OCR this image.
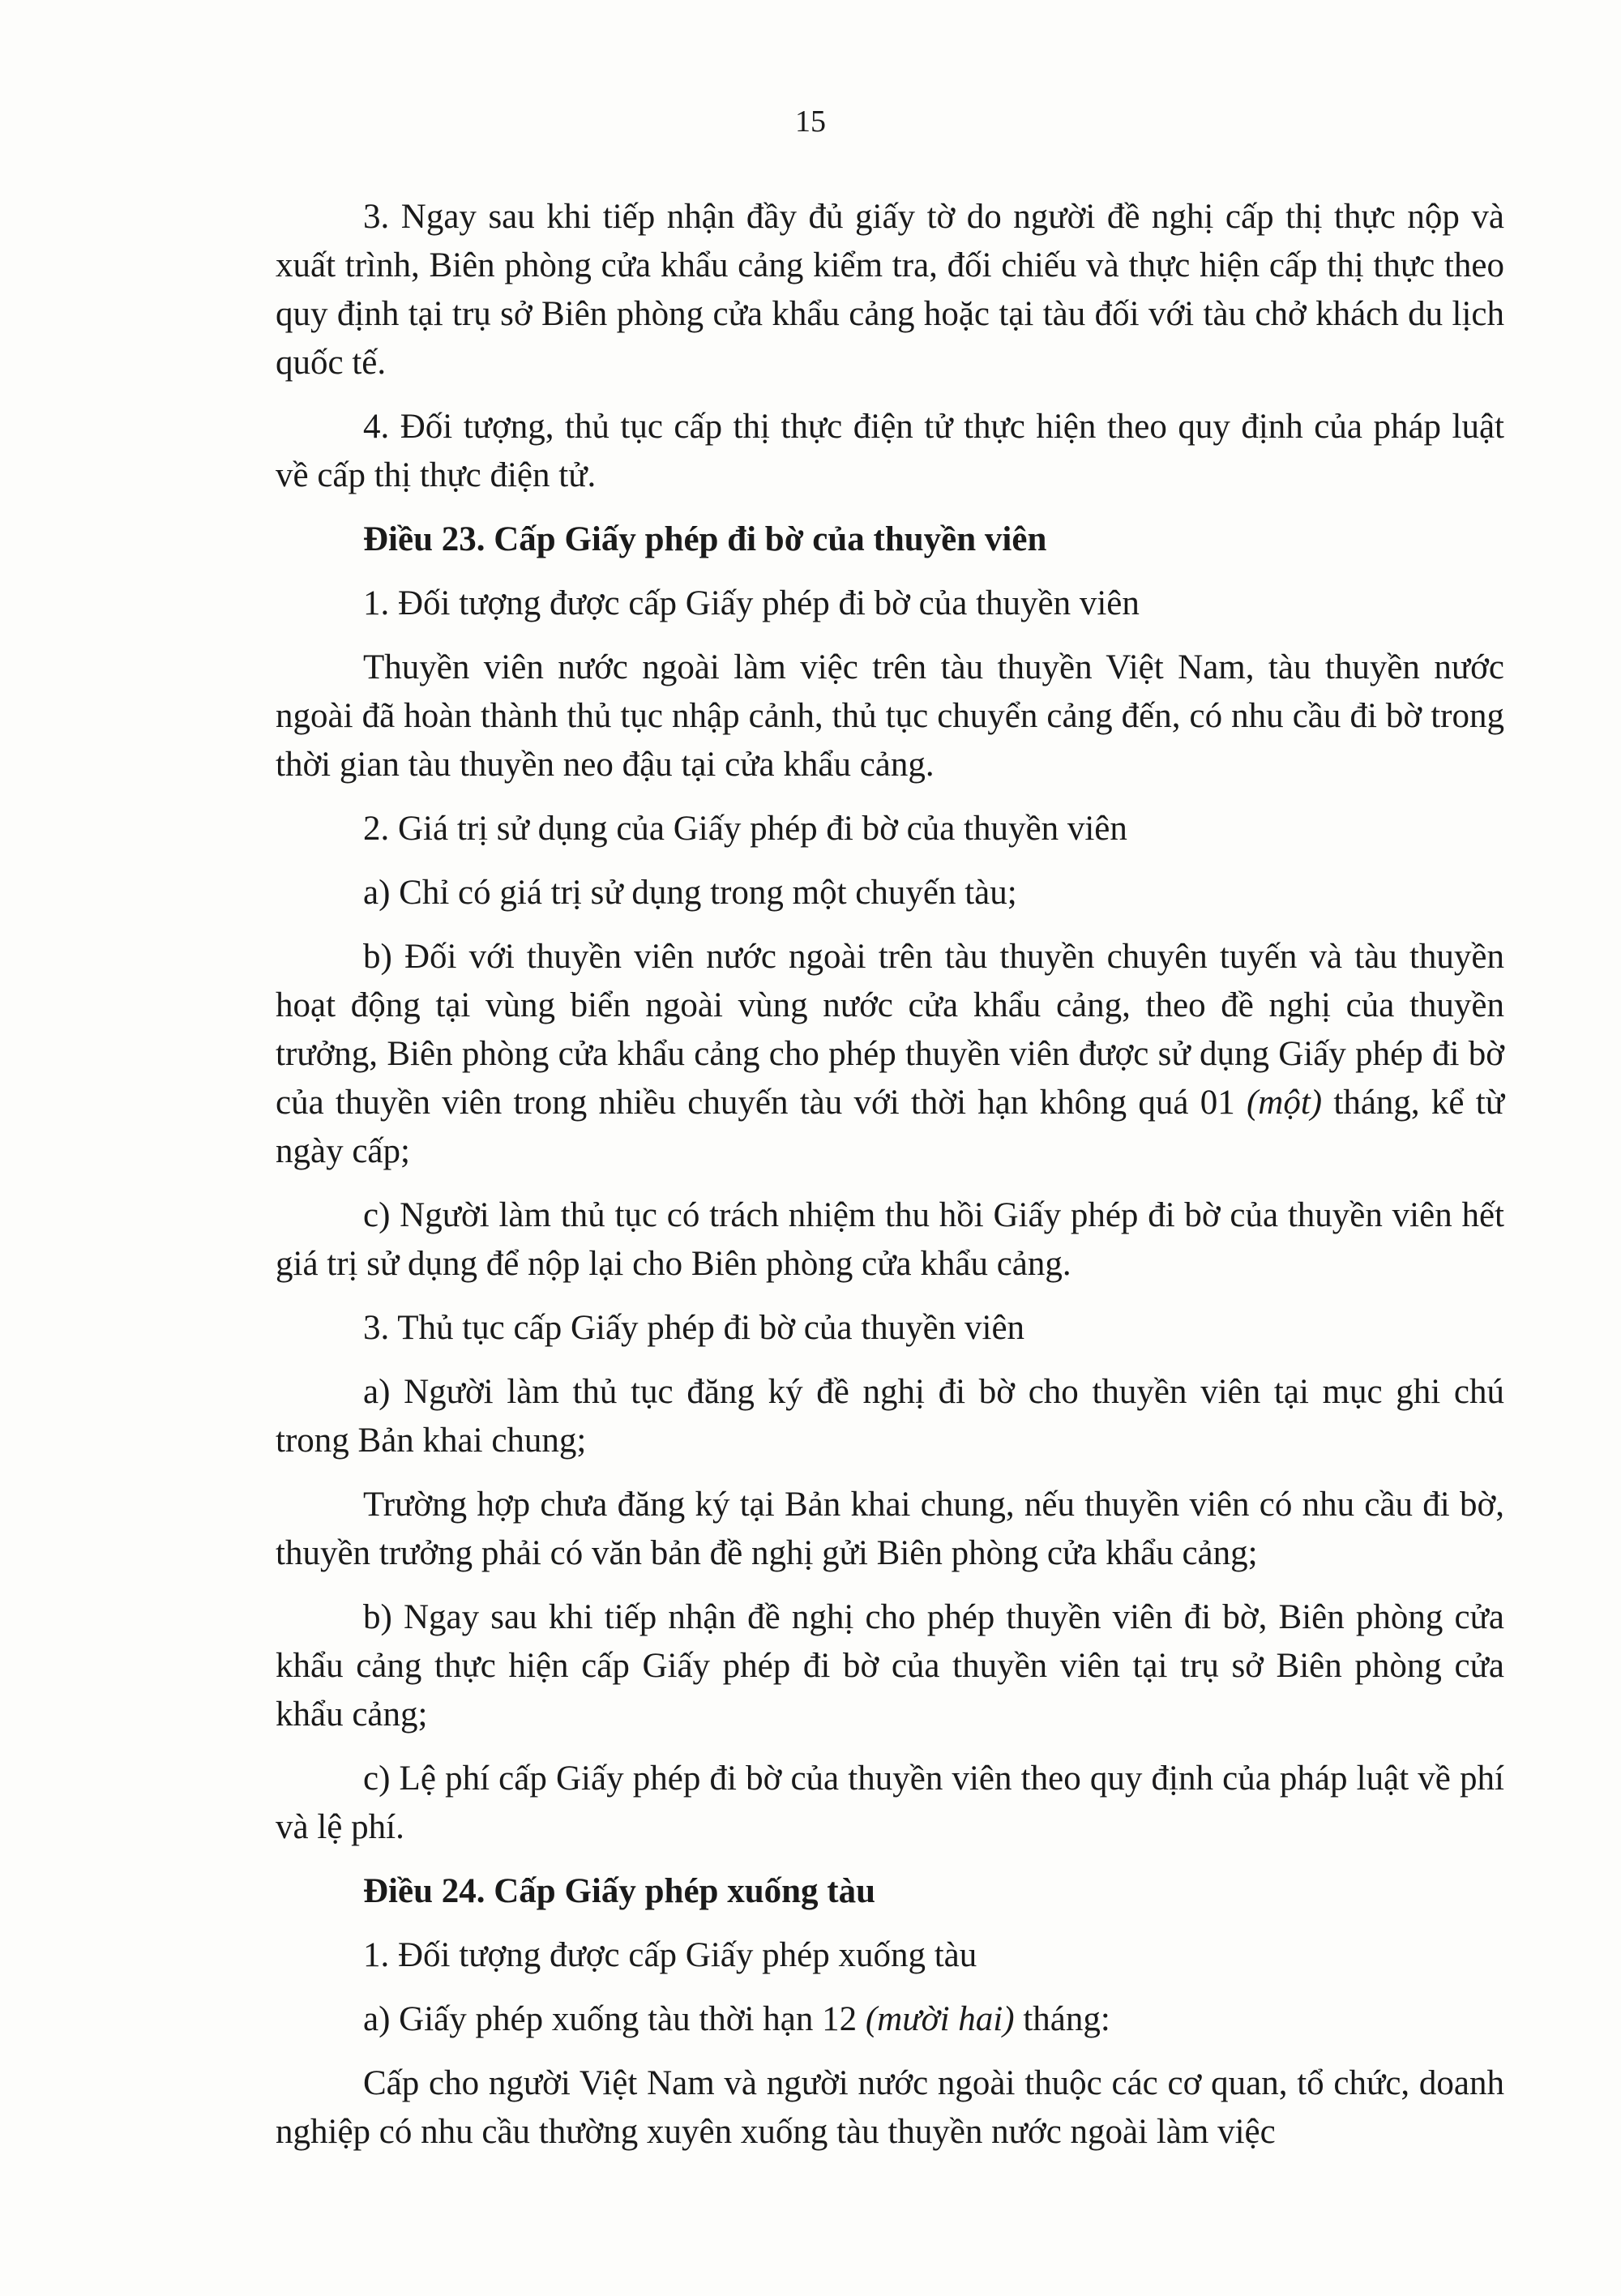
15

3. Ngay sau khi tiếp nhận đầy đủ giấy tờ do người đề nghị cấp thị thực nộp và xuất trình, Biên phòng cửa khẩu cảng kiểm tra, đối chiếu và thực hiện cấp thị thực theo quy định tại trụ sở Biên phòng cửa khẩu cảng hoặc tại tàu đối với tàu chở khách du lịch quốc tế.

4. Đối tượng, thủ tục cấp thị thực điện tử thực hiện theo quy định của pháp luật về cấp thị thực điện tử.

Điều 23. Cấp Giấy phép đi bờ của thuyền viên

1. Đối tượng được cấp Giấy phép đi bờ của thuyền viên

Thuyền viên nước ngoài làm việc trên tàu thuyền Việt Nam, tàu thuyền nước ngoài đã hoàn thành thủ tục nhập cảnh, thủ tục chuyển cảng đến, có nhu cầu đi bờ trong thời gian tàu thuyền neo đậu tại cửa khẩu cảng.

2. Giá trị sử dụng của Giấy phép đi bờ của thuyền viên

a) Chỉ có giá trị sử dụng trong một chuyến tàu;

b) Đối với thuyền viên nước ngoài trên tàu thuyền chuyên tuyến và tàu thuyền hoạt động tại vùng biển ngoài vùng nước cửa khẩu cảng, theo đề nghị của thuyền trưởng, Biên phòng cửa khẩu cảng cho phép thuyền viên được sử dụng Giấy phép đi bờ của thuyền viên trong nhiều chuyến tàu với thời hạn không quá 01 (một) tháng, kể từ ngày cấp;

c) Người làm thủ tục có trách nhiệm thu hồi Giấy phép đi bờ của thuyền viên hết giá trị sử dụng để nộp lại cho Biên phòng cửa khẩu cảng.

3. Thủ tục cấp Giấy phép đi bờ của thuyền viên

a) Người làm thủ tục đăng ký đề nghị đi bờ cho thuyền viên tại mục ghi chú trong Bản khai chung;

Trường hợp chưa đăng ký tại Bản khai chung, nếu thuyền viên có nhu cầu đi bờ, thuyền trưởng phải có văn bản đề nghị gửi Biên phòng cửa khẩu cảng;

b) Ngay sau khi tiếp nhận đề nghị cho phép thuyền viên đi bờ, Biên phòng cửa khẩu cảng thực hiện cấp Giấy phép đi bờ của thuyền viên tại trụ sở Biên phòng cửa khẩu cảng;

c) Lệ phí cấp Giấy phép đi bờ của thuyền viên theo quy định của pháp luật về phí và lệ phí.

Điều 24. Cấp Giấy phép xuống tàu

1. Đối tượng được cấp Giấy phép xuống tàu

a) Giấy phép xuống tàu thời hạn 12 (mười hai) tháng:

Cấp cho người Việt Nam và người nước ngoài thuộc các cơ quan, tổ chức, doanh nghiệp có nhu cầu thường xuyên xuống tàu thuyền nước ngoài làm việc
